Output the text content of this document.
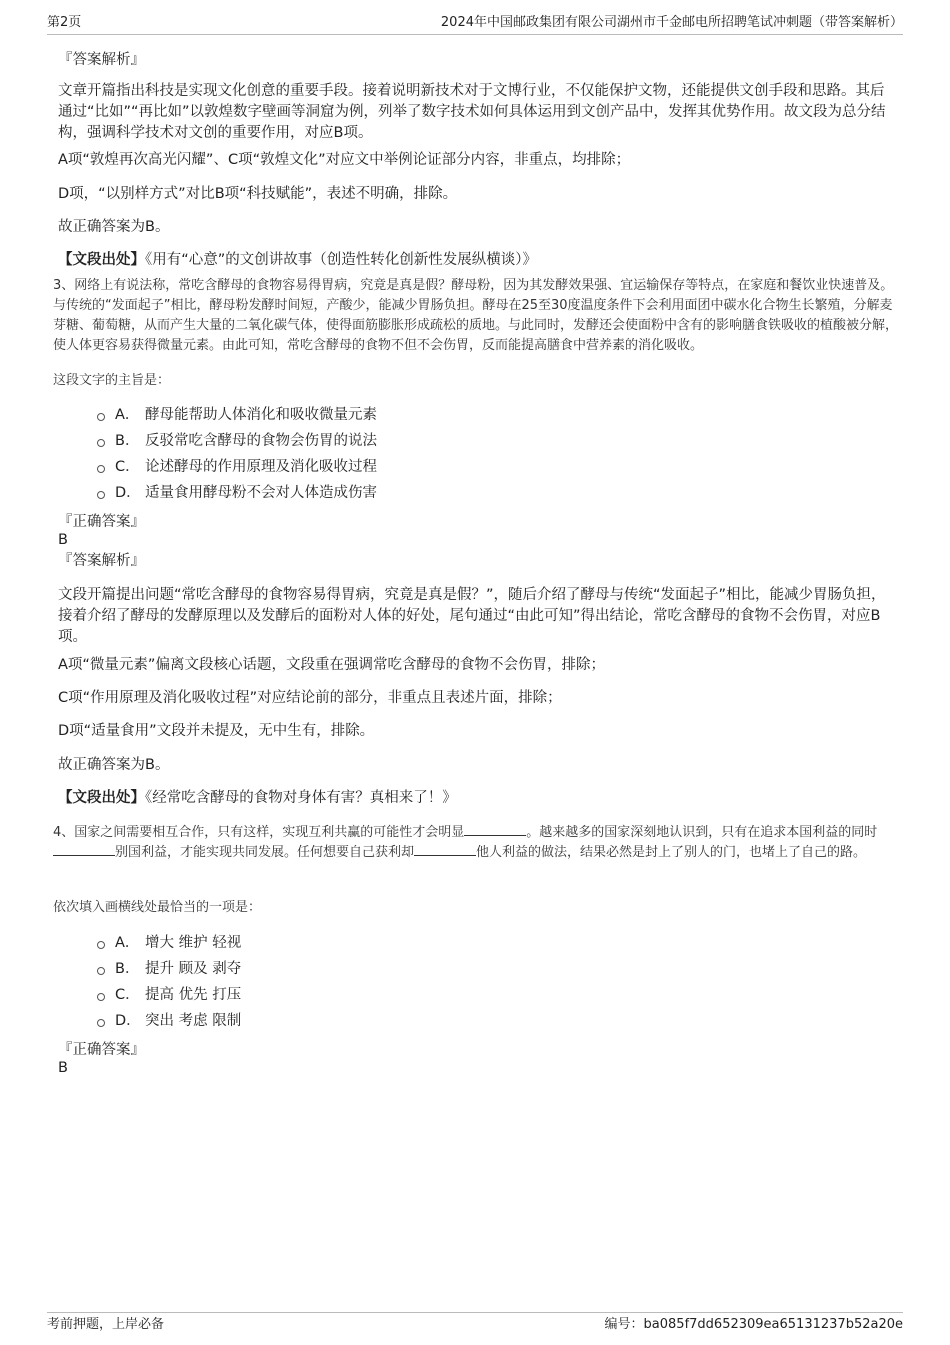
第2页	2024年中国邮政集团有限公司湖州市千金邮电所招聘笔试冲刺题（带答案解析）
『答案解析』
文章开篇指出科技是实现文化创意的重要手段。接着说明新技术对于文博行业，不仅能保护文物，还能提供文创手段和思路。其后通过“比如”“再比如”以敦煌数字壁画等洞窟为例，列举了数字技术如何具体运用到文创产品中，发挥其优势作用。故文段为总分结构，强调科学技术对文创的重要作用，对应B项。
A项“敦煌再次高光闪耀”、C项“敦煌文化”对应文中举例论证部分内容，非重点，均排除；
D项，“以别样方式”对比B项“科技赋能”，表述不明确，排除。
故正确答案为B。
【文段出处】《用有“心意”的文创讲故事（创造性转化创新性发展纵横谈）》
3、网络上有说法称，常吃含酵母的食物容易得胃病，究竟是真是假？酵母粉，因为其发酵效果强、宜运输保存等特点，在家庭和餐饮业快速普及。与传统的“发面起子”相比，酵母粉发酵时间短，产酸少，能减少胃肠负担。酵母在25至30度温度条件下会利用面团中碳水化合物生长繁殖，分解麦芽糖、葡萄糖，从而产生大量的二氧化碳气体，使得面筋膨胀形成疏松的质地。与此同时，发酵还会使面粉中含有的影响膳食铁吸收的植酸被分解，使人体更容易获得微量元素。由此可知，常吃含酵母的食物不但不会伤胃，反而能提高膳食中营养素的消化吸收。
这段文字的主旨是：
A． 酵母能帮助人体消化和吸收微量元素
B． 反驳常吃含酵母的食物会伤胃的说法
C． 论述酵母的作用原理及消化吸收过程
D． 适量食用酵母粉不会对人体造成伤害
『正确答案』
B
『答案解析』
文段开篇提出问题“常吃含酵母的食物容易得胃病，究竟是真是假？”，随后介绍了酵母与传统“发面起子”相比，能减少胃肠负担，接着介绍了酵母的发酵原理以及发酵后的面粉对人体的好处，尾句通过“由此可知”得出结论，常吃含酵母的食物不会伤胃，对应B项。
A项“微量元素”偏离文段核心话题，文段重在强调常吃含酵母的食物不会伤胃，排除；
C项“作用原理及消化吸收过程”对应结论前的部分，非重点且表述片面，排除；
D项“适量食用”文段并未提及，无中生有，排除。
故正确答案为B。
【文段出处】《经常吃含酵母的食物对身体有害？真相来了！》
4、国家之间需要相互合作，只有这样，实现互利共赢的可能性才会明显	。越来越多的国家深刻地认识到，只有在追求本国利益的同时别国利益，才能实现共同发展。任何想要自己获利却	他人利益的做法，结果必然是封上了别人的门，也堵上了自己的路。
依次填入画横线处最恰当的一项是：
A． 增大 维护 轻视
B． 提升 顾及 剥夺
C． 提高 优先 打压
D． 突出 考虑 限制
『正确答案』
B
考前押题，上岸必备	编号：ba085f7dd652309ea65131237b52a20e
